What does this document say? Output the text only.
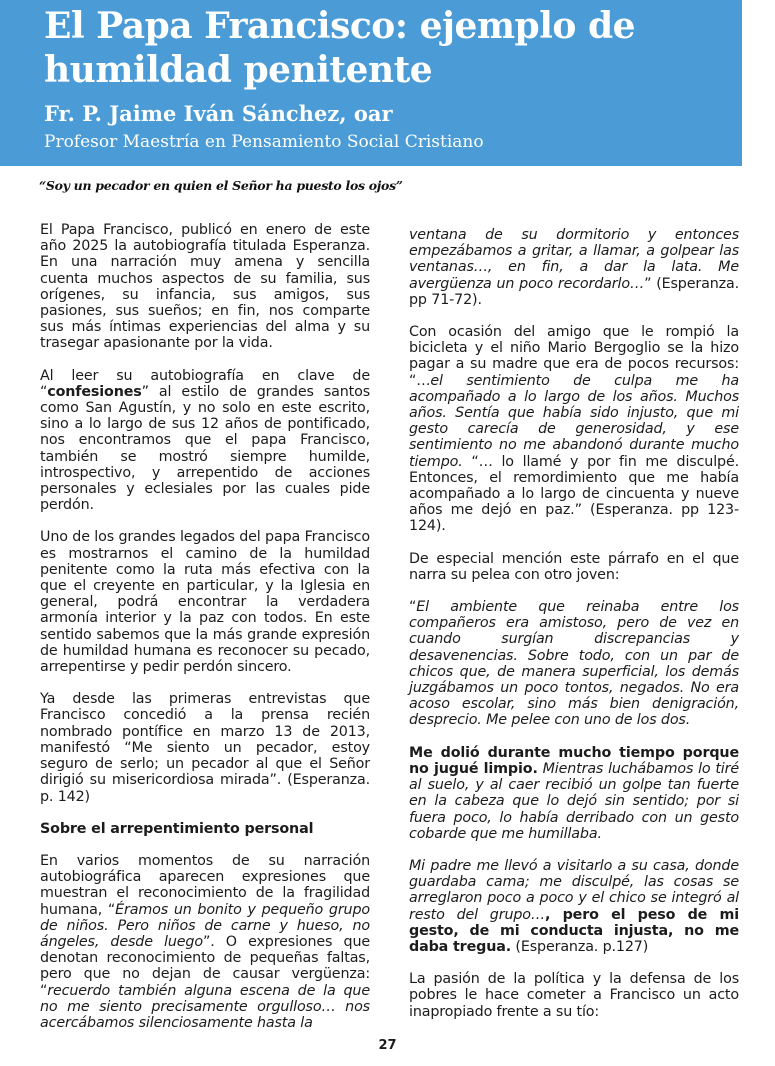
El Papa Francisco: ejemplo de humildad penitente
Fr. P. Jaime Iván Sánchez, oar
Profesor Maestría en Pensamiento Social Cristiano
“Soy un pecador en quien el Señor ha puesto los ojos”

El Papa Francisco, publicó en enero de este año 2025 la autobiografía titulada Esperanza. En una narración muy amena y sencilla cuenta muchos aspectos de su familia, sus orígenes, su infancia, sus amigos, sus pasiones, sus sueños; en fin, nos comparte sus más íntimas experiencias del alma y su trasegar apasionante por la vida.

Al leer su autobiografía en clave de “confesiones” al estilo de grandes santos como San Agustín, y no solo en este escrito, sino a lo largo de sus 12 años de pontificado, nos encontramos que el papa Francisco, también se mostró siempre humilde, introspectivo, y arrepentido de acciones personales y eclesiales por las cuales pide perdón.

Uno de los grandes legados del papa Francisco es mostrarnos el camino de la humildad penitente como la ruta más efectiva con la que el creyente en particular, y la Iglesia en general, podrá encontrar la verdadera armonía interior y la paz con todos. En este sentido sabemos que la más grande expresión de humildad humana es reconocer su pecado, arrepentirse y pedir perdón sincero.

Ya desde las primeras entrevistas que Francisco concedió a la prensa recién nombrado pontífice en marzo 13 de 2013, manifestó “Me siento un pecador, estoy seguro de serlo; un pecador al que el Señor dirigió su misericordiosa mirada”. (Esperanza. p. 142)

Sobre el arrepentimiento personal

En varios momentos de su narración autobiográfica aparecen expresiones que muestran el reconocimiento de la fragilidad humana, “Éramos un bonito y pequeño grupo de niños. Pero niños de carne y hueso, no ángeles, desde luego”. O expresiones que denotan reconocimiento de pequeñas faltas, pero que no dejan de causar vergüenza: “recuerdo también alguna escena de la que no me siento precisamente orgulloso… nos acercábamos silenciosamente hasta la

ventana de su dormitorio y entonces empezábamos a gritar, a llamar, a golpear las ventanas…, en fin, a dar la lata. Me avergüenza un poco recordarlo…” (Esperanza. pp 71-72).

Con ocasión del amigo que le rompió la bicicleta y el niño Mario Bergoglio se la hizo pagar a su madre que era de pocos recursos: “…el sentimiento de culpa me ha acompañado a lo largo de los años. Muchos años. Sentía que había sido injusto, que mi gesto carecía de generosidad, y ese sentimiento no me abandonó durante mucho tiempo. “… lo llamé y por fin me disculpé. Entonces, el remordimiento que me había acompañado a lo largo de cincuenta y nueve años me dejó en paz.” (Esperanza. pp 123-124).

De especial mención este párrafo en el que narra su pelea con otro joven:

“El ambiente que reinaba entre los compañeros era amistoso, pero de vez en cuando surgían discrepancias y desavenencias. Sobre todo, con un par de chicos que, de manera superficial, los demás juzgábamos un poco tontos, negados. No era acoso escolar, sino más bien denigración, desprecio. Me pelee con uno de los dos.

Me dolió durante mucho tiempo porque no jugué limpio. Mientras luchábamos lo tiré al suelo, y al caer recibió un golpe tan fuerte en la cabeza que lo dejó sin sentido; por si fuera poco, lo había derribado con un gesto cobarde que me humillaba.

Mi padre me llevó a visitarlo a su casa, donde guardaba cama; me disculpé, las cosas se arreglaron poco a poco y el chico se integró al resto del grupo…, pero el peso de mi gesto, de mi conducta injusta, no me daba tregua. (Esperanza. p.127)

La pasión de la política y la defensa de los pobres le hace cometer a Francisco un acto inapropiado frente a su tío:

27
